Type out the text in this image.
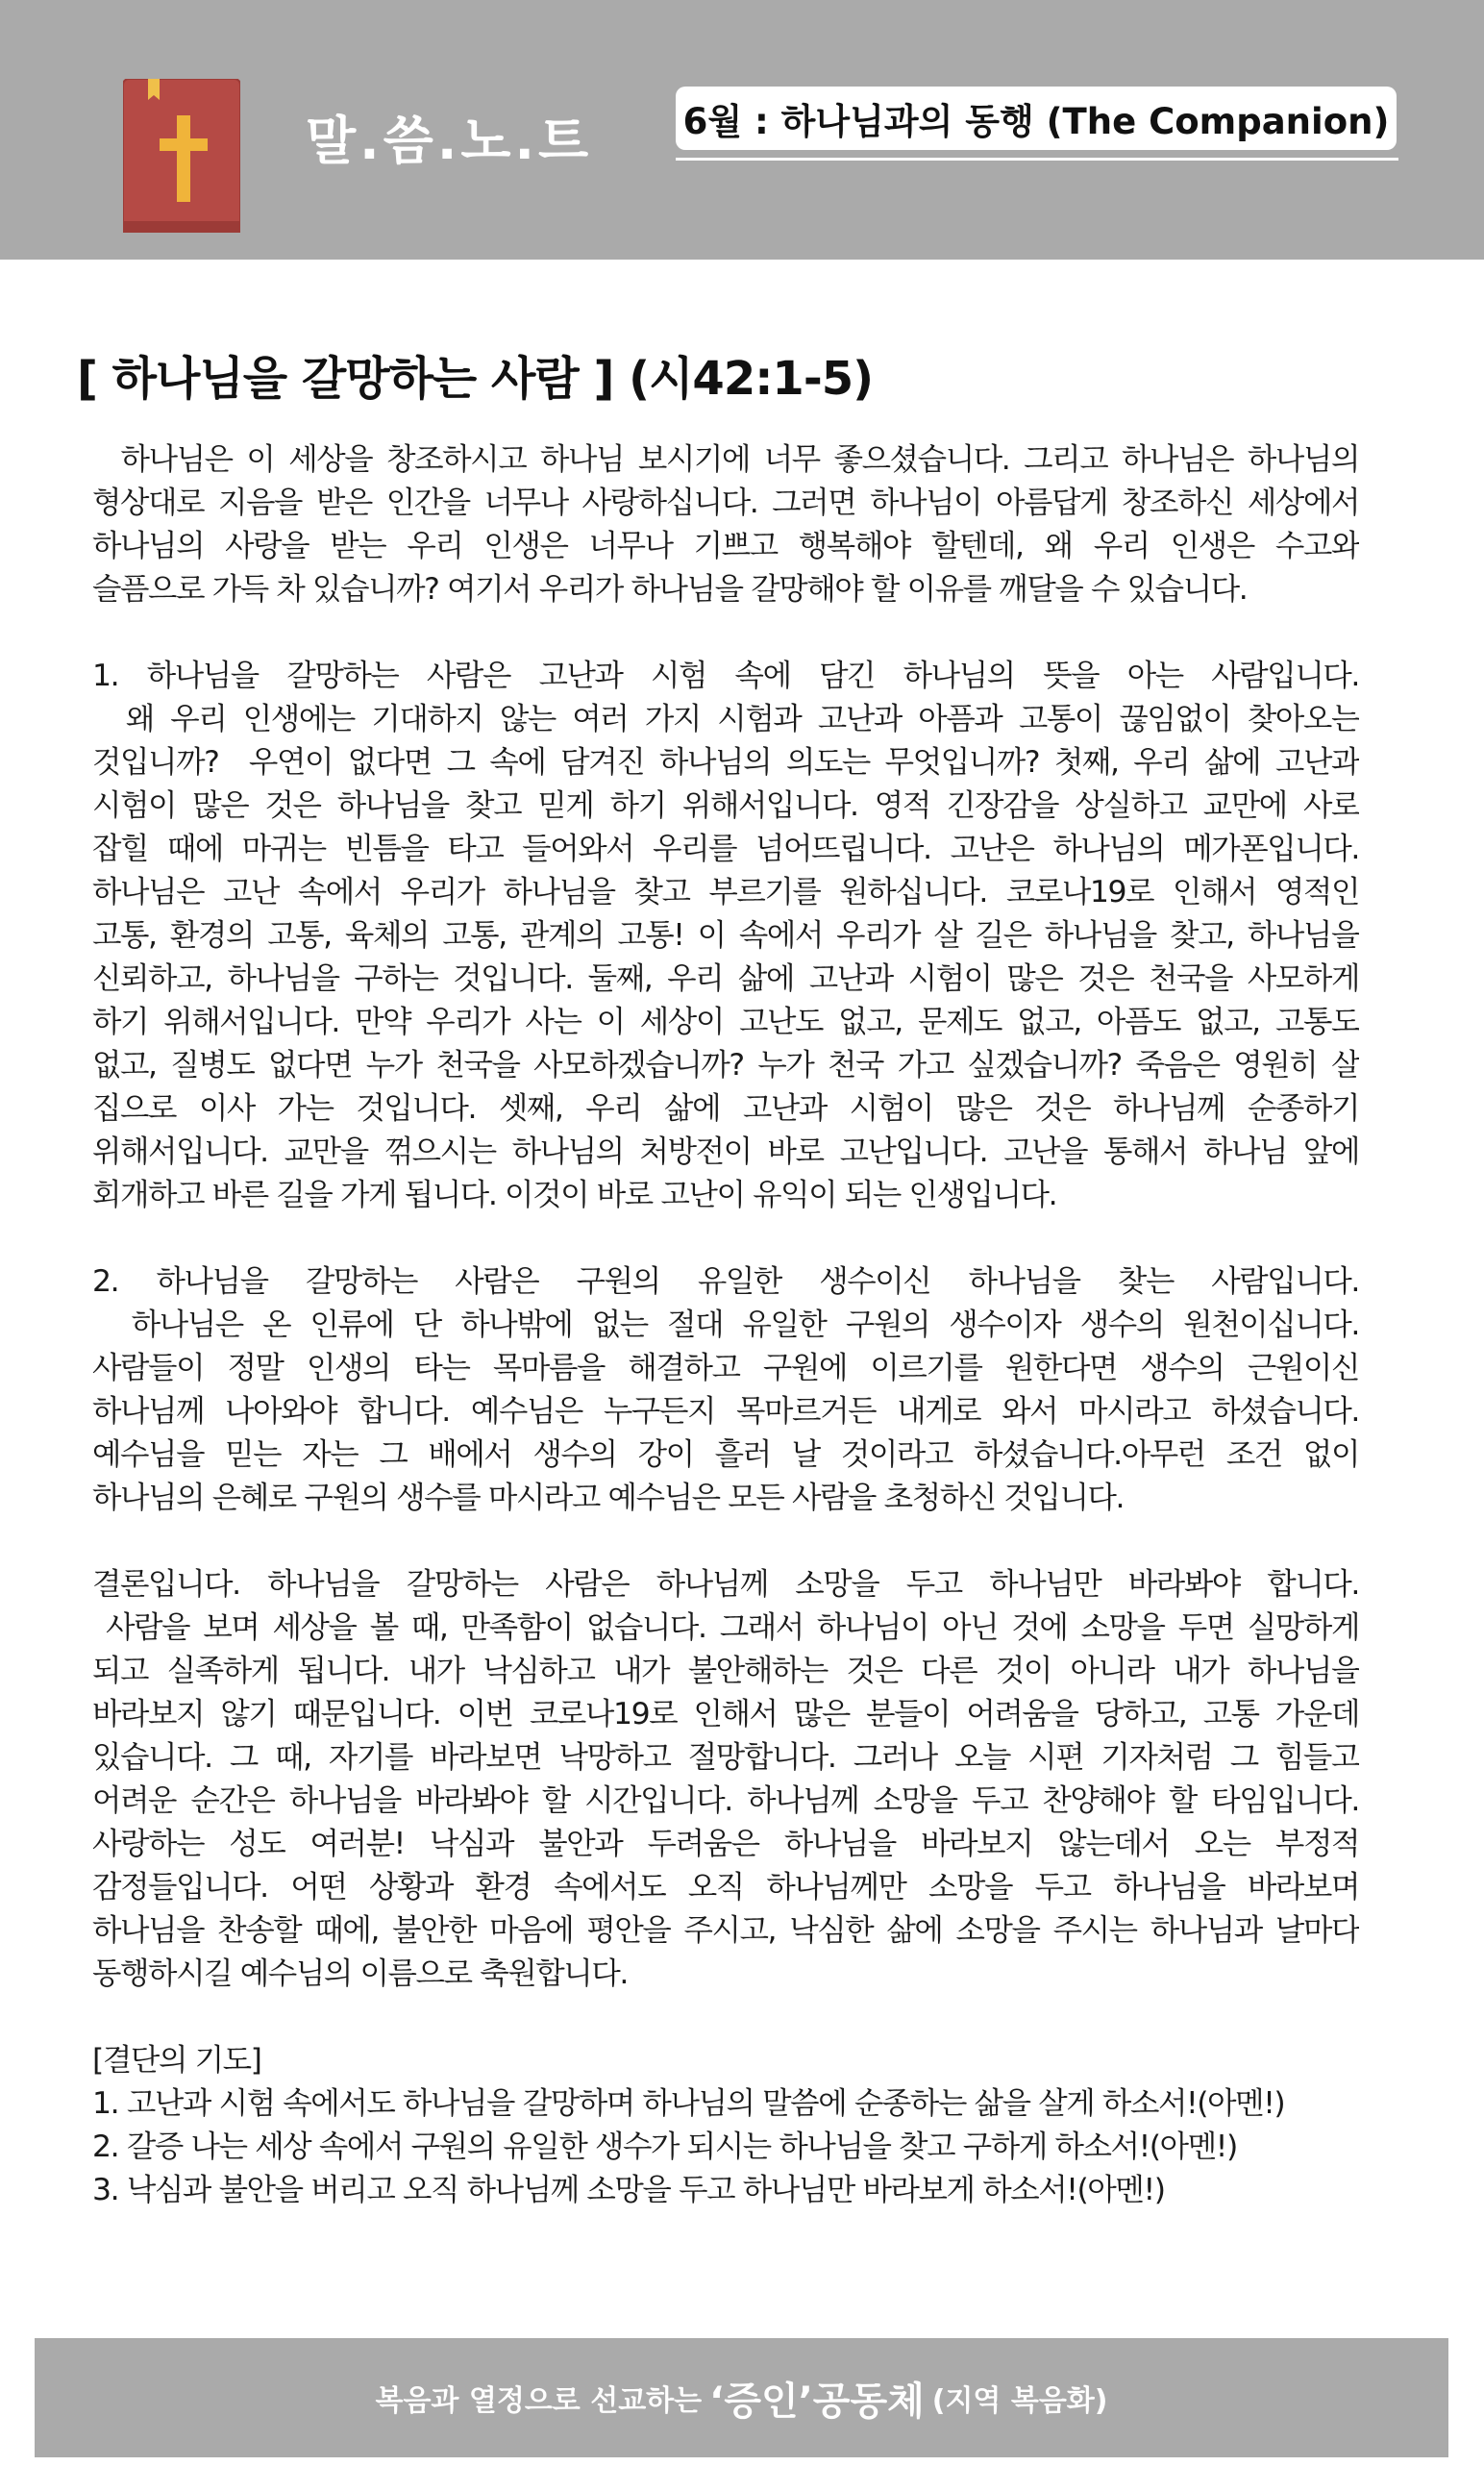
말.씀.노.트	6월 : 하나님과의 동행 (The Companion)
[ 하나님을 갈망하는 사람 ] (시42:1-5)
하나님은 이 세상을 창조하시고 하나님 보시기에 너무 좋으셨습니다. 그리고 하나님은 하나님의
형상대로 지음을 받은 인간을 너무나 사랑하십니다. 그러면 하나님이 아름답게 창조하신 세상에서
하나님의 사랑을 받는 우리 인생은 너무나 기쁘고 행복해야 할텐데, 왜 우리 인생은 수고와
슬픔으로 가득 차 있습니까? 여기서 우리가 하나님을 갈망해야 할 이유를 깨달을 수 있습니다.
1. 하나님을 갈망하는 사람은 고난과 시험 속에 담긴 하나님의 뜻을 아는 사람입니다.
왜 우리 인생에는 기대하지 않는 여러 가지 시험과 고난과 아픔과 고통이 끊임없이 찾아오는
것입니까?  우연이 없다면 그 속에 담겨진 하나님의 의도는 무엇입니까? 첫째, 우리 삶에 고난과
시험이 많은 것은 하나님을 찾고 믿게 하기 위해서입니다. 영적 긴장감을 상실하고 교만에 사로
잡힐 때에 마귀는 빈틈을 타고 들어와서 우리를 넘어뜨립니다. 고난은 하나님의 메가폰입니다.
하나님은 고난 속에서 우리가 하나님을 찾고 부르기를 원하십니다. 코로나19로 인해서 영적인
고통, 환경의 고통, 육체의 고통, 관계의 고통! 이 속에서 우리가 살 길은 하나님을 찾고, 하나님을
신뢰하고, 하나님을 구하는 것입니다. 둘째, 우리 삶에 고난과 시험이 많은 것은 천국을 사모하게
하기 위해서입니다. 만약 우리가 사는 이 세상이 고난도 없고, 문제도 없고, 아픔도 없고, 고통도
없고, 질병도 없다면 누가 천국을 사모하겠습니까? 누가 천국 가고 싶겠습니까? 죽음은 영원히 살
집으로 이사 가는 것입니다. 셋째, 우리 삶에 고난과 시험이 많은 것은 하나님께 순종하기
위해서입니다. 교만을 꺾으시는 하나님의 처방전이 바로 고난입니다. 고난을 통해서 하나님 앞에
회개하고 바른 길을 가게 됩니다. 이것이 바로 고난이 유익이 되는 인생입니다.
2. 하나님을 갈망하는 사람은 구원의 유일한 생수이신 하나님을 찾는 사람입니다.
하나님은 온 인류에 단 하나밖에 없는 절대 유일한 구원의 생수이자 생수의 원천이십니다.
사람들이 정말 인생의 타는 목마름을 해결하고 구원에 이르기를 원한다면 생수의 근원이신
하나님께 나아와야 합니다. 예수님은 누구든지 목마르거든 내게로 와서 마시라고 하셨습니다.
예수님을 믿는 자는 그 배에서 생수의 강이 흘러 날 것이라고 하셨습니다.아무런 조건 없이
하나님의 은혜로 구원의 생수를 마시라고 예수님은 모든 사람을 초청하신 것입니다.
결론입니다. 하나님을 갈망하는 사람은 하나님께 소망을 두고 하나님만 바라봐야 합니다.
사람을 보며 세상을 볼 때, 만족함이 없습니다. 그래서 하나님이 아닌 것에 소망을 두면 실망하게
되고 실족하게 됩니다. 내가 낙심하고 내가 불안해하는 것은 다른 것이 아니라 내가 하나님을
바라보지 않기 때문입니다. 이번 코로나19로 인해서 많은 분들이 어려움을 당하고, 고통 가운데
있습니다. 그 때, 자기를 바라보면 낙망하고 절망합니다. 그러나 오늘 시편 기자처럼 그 힘들고
어려운 순간은 하나님을 바라봐야 할 시간입니다. 하나님께 소망을 두고 찬양해야 할 타임입니다.
사랑하는 성도 여러분! 낙심과 불안과 두려움은 하나님을 바라보지 않는데서 오는 부정적
감정들입니다. 어떤 상황과 환경 속에서도 오직 하나님께만 소망을 두고 하나님을 바라보며
하나님을 찬송할 때에, 불안한 마음에 평안을 주시고, 낙심한 삶에 소망을 주시는 하나님과 날마다
동행하시길 예수님의 이름으로 축원합니다.
[결단의 기도]
1. 고난과 시험 속에서도 하나님을 갈망하며 하나님의 말씀에 순종하는 삶을 살게 하소서!(아멘!)
2. 갈증 나는 세상 속에서 구원의 유일한 생수가 되시는 하나님을 찾고 구하게 하소서!(아멘!)
3. 낙심과 불안을 버리고 오직 하나님께 소망을 두고 하나님만 바라보게 하소서!(아멘!)
복음과 열정으로 선교하는 ‘증인’공동체 (지역 복음화)
